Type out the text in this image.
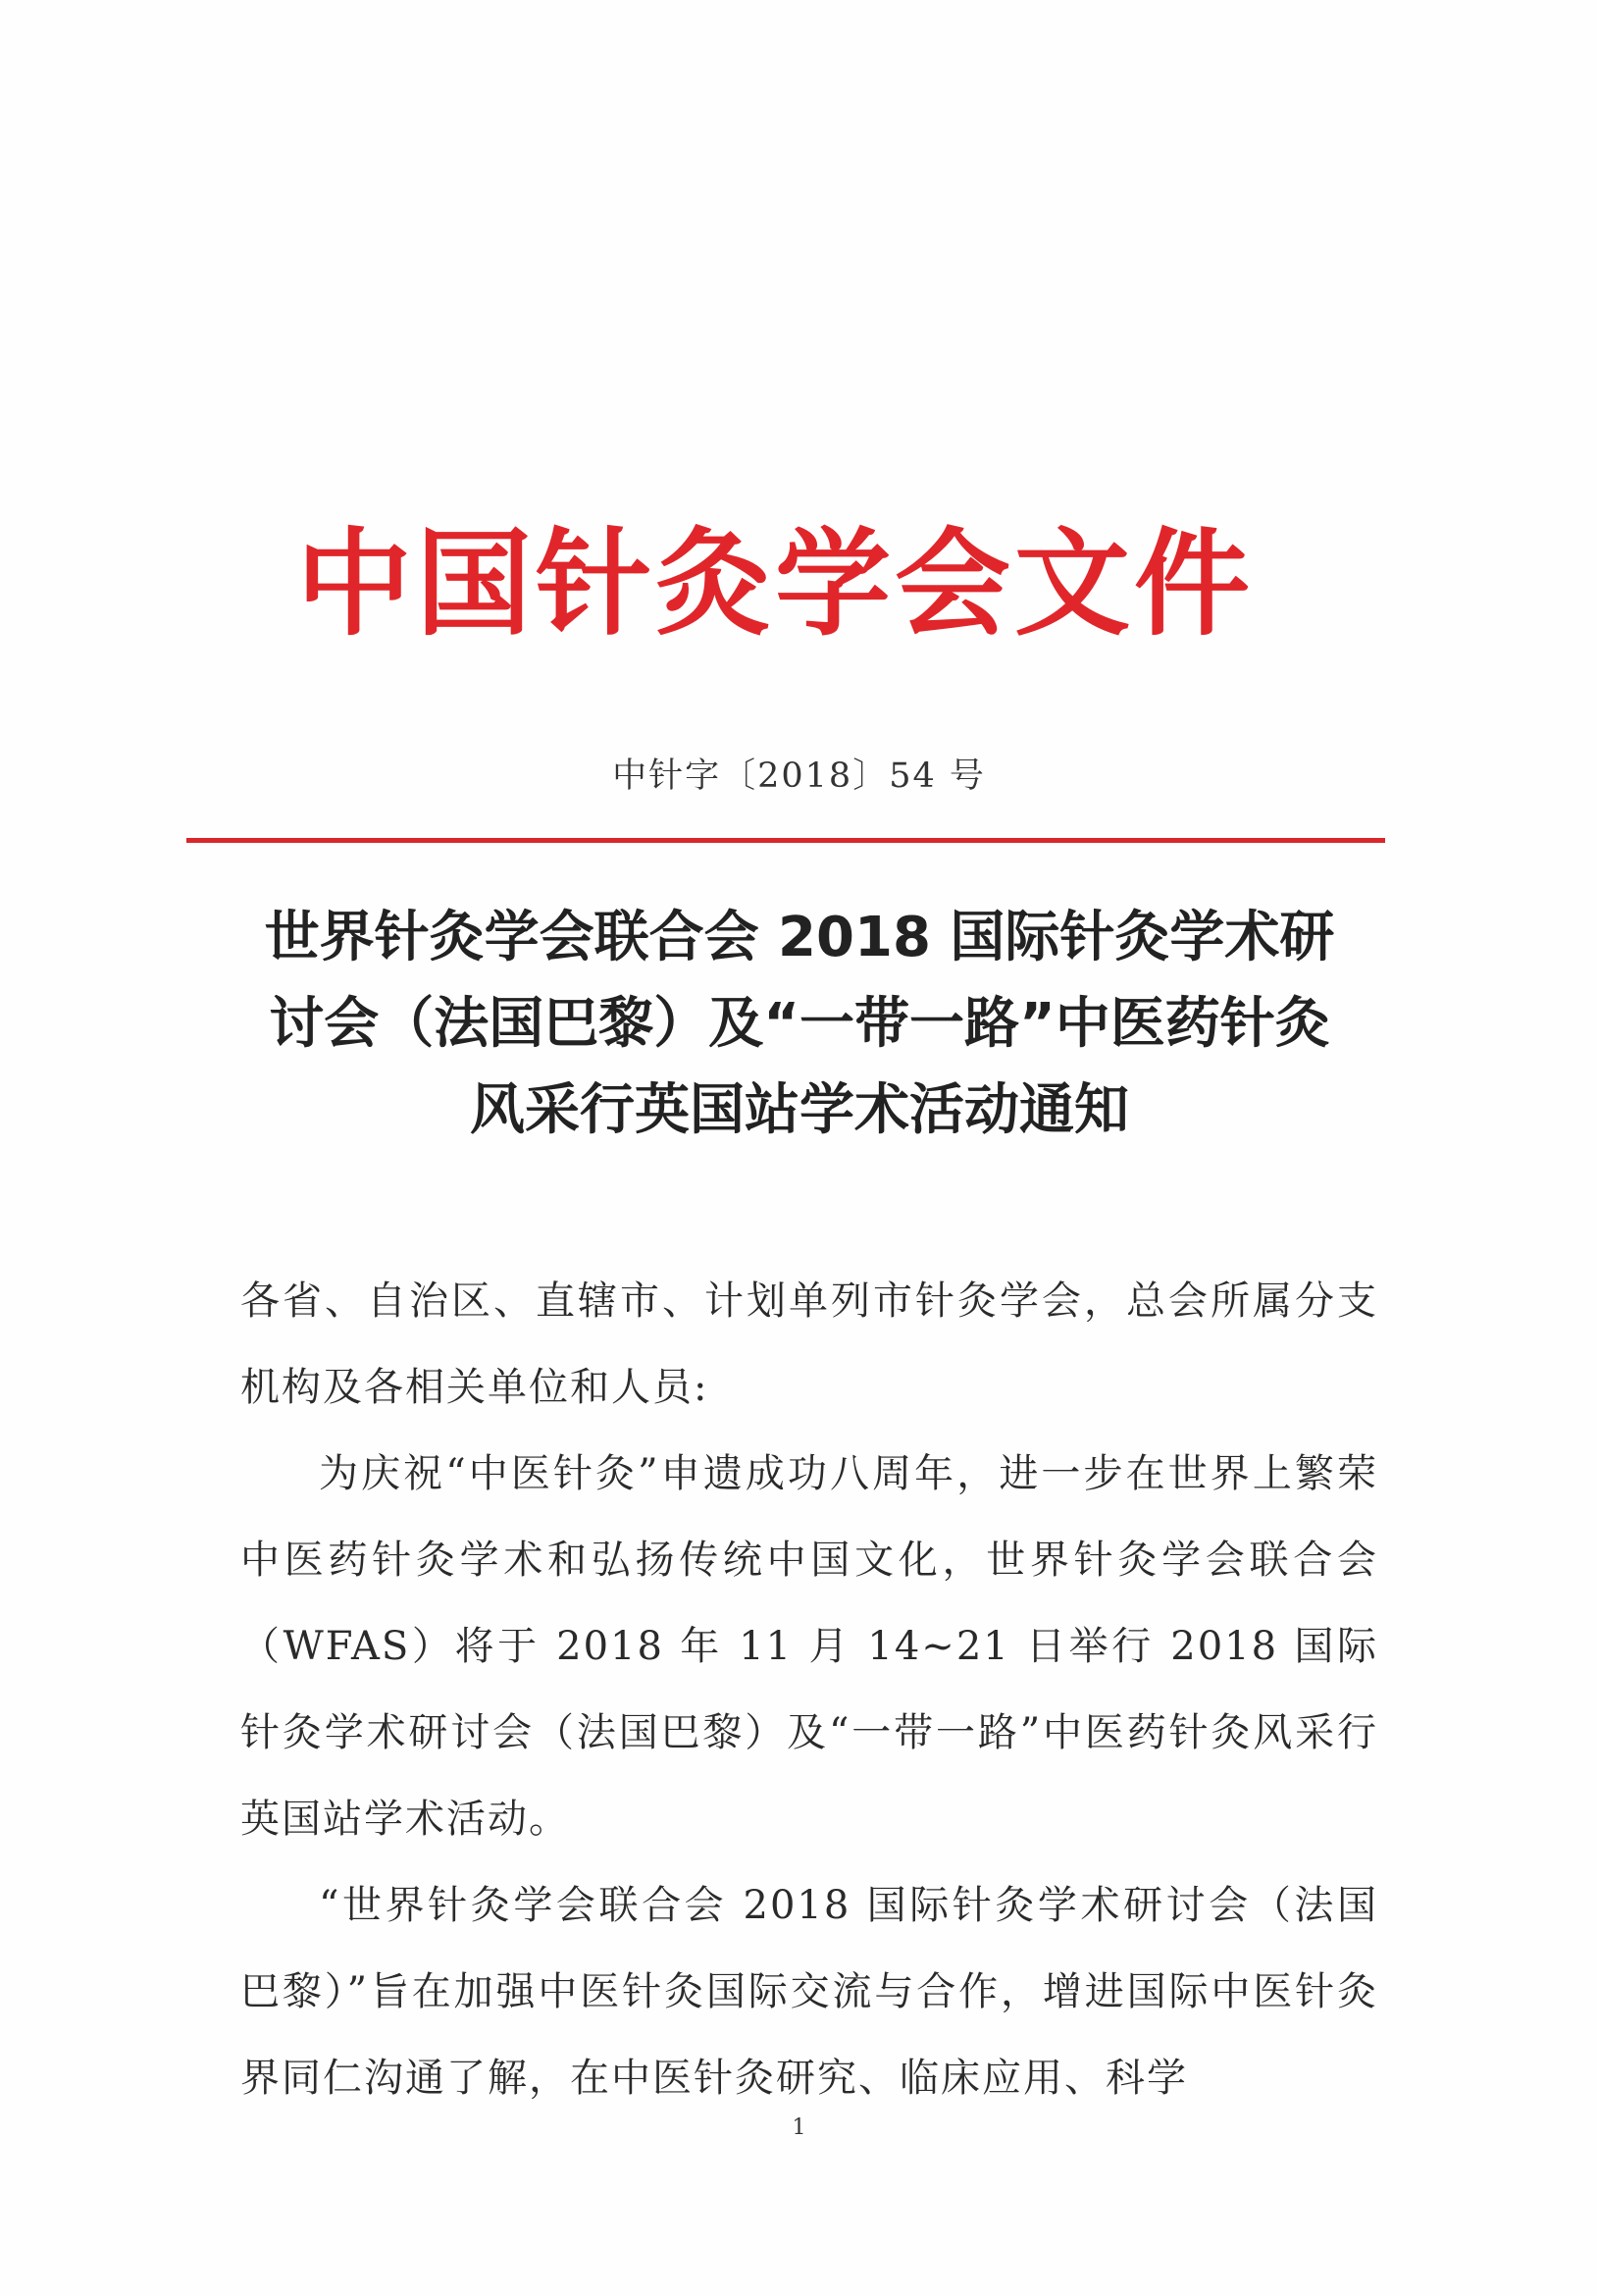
中国针灸学会文件
中针字〔2018〕54 号
世界针灸学会联合会 2018 国际针灸学术研
讨会（法国巴黎）及“一带一路”中医药针灸
风采行英国站学术活动通知

各省、自治区、直辖市、计划单列市针灸学会，总会所属分支机构及各相关单位和人员:

为庆祝“中医针灸”申遗成功八周年，进一步在世界上繁荣中医药针灸学术和弘扬传统中国文化，世界针灸学会联合会（WFAS）将于 2018 年 11 月 14~21 日举行 2018 国际针灸学术研讨会（法国巴黎）及“一带一路”中医药针灸风采行英国站学术活动。

“世界针灸学会联合会 2018 国际针灸学术研讨会（法国巴黎）”旨在加强中医针灸国际交流与合作，增进国际中医针灸界同仁沟通了解，在中医针灸研究、临床应用、科学

1
